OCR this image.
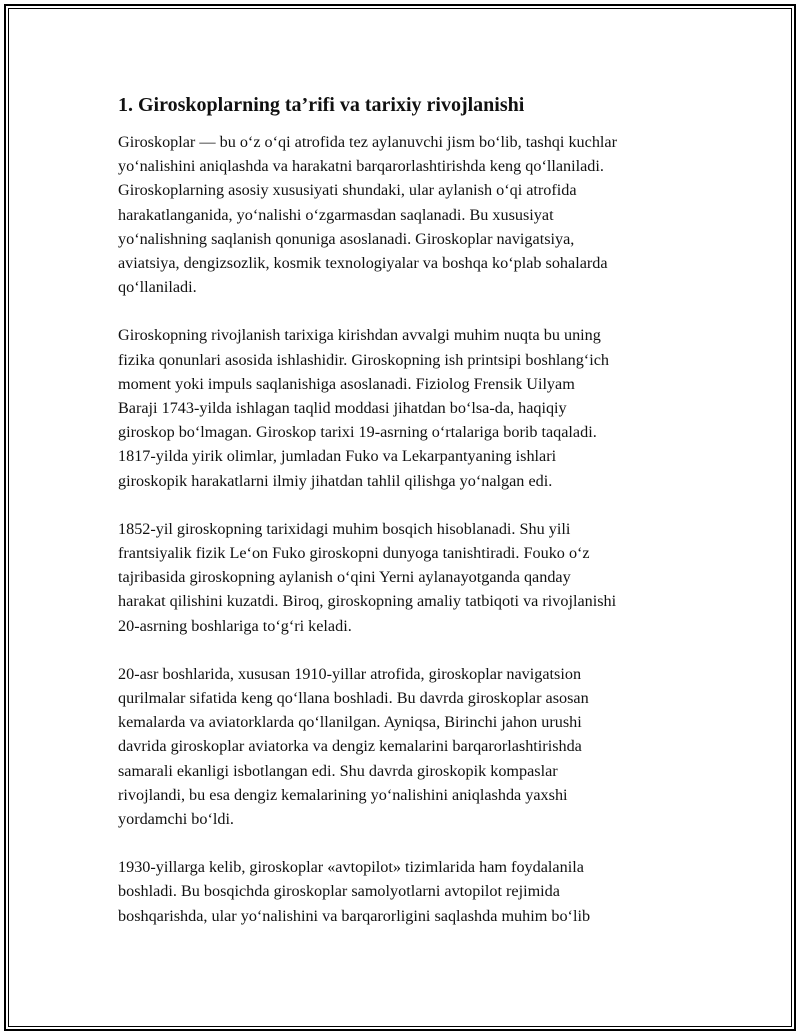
1. Giroskoplarning ta’rifi va tarixiy rivojlanishi
Giroskoplar — bu o‘z o‘qi atrofida tez aylanuvchi jism bo‘lib, tashqi kuchlar
yo‘nalishini aniqlashda va harakatni barqarorlashtirishda keng qo‘llaniladi.
Giroskoplarning asosiy xususiyati shundaki, ular aylanish o‘qi atrofida
harakatlanganida, yo‘nalishi o‘zgarmasdan saqlanadi. Bu xususiyat
yo‘nalishning saqlanish qonuniga asoslanadi. Giroskoplar navigatsiya,
aviatsiya, dengizsozlik, kosmik texnologiyalar va boshqa ko‘plab sohalarda
qo‘llaniladi.
Giroskopning rivojlanish tarixiga kirishdan avvalgi muhim nuqta bu uning
fizika qonunlari asosida ishlashidir. Giroskopning ish printsipi boshlang‘ich
moment yoki impuls saqlanishiga asoslanadi. Fiziolog Frensik Uilyam
Baraji 1743-yilda ishlagan taqlid moddasi jihatdan bo‘lsa-da, haqiqiy
giroskop bo‘lmagan. Giroskop tarixi 19-asrning o‘rtalariga borib taqaladi.
1817-yilda yirik olimlar, jumladan Fuko va Lekarpantyaning ishlari
giroskopik harakatlarni ilmiy jihatdan tahlil qilishga yo‘nalgan edi.
1852-yil giroskopning tarixidagi muhim bosqich hisoblanadi. Shu yili
frantsiyalik fizik Le‘on Fuko giroskopni dunyoga tanishtiradi. Fouko o‘z
tajribasida giroskopning aylanish o‘qini Yerni aylanayotganda qanday
harakat qilishini kuzatdi. Biroq, giroskopning amaliy tatbiqoti va rivojlanishi
20-asrning boshlariga to‘g‘ri keladi.
20-asr boshlarida, xususan 1910-yillar atrofida, giroskoplar navigatsion
qurilmalar sifatida keng qo‘llana boshladi. Bu davrda giroskoplar asosan
kemalarda va aviatorklarda qo‘llanilgan. Ayniqsa, Birinchi jahon urushi
davrida giroskoplar aviatorka va dengiz kemalarini barqarorlashtirishda
samarali ekanligi isbotlangan edi. Shu davrda giroskopik kompaslar
rivojlandi, bu esa dengiz kemalarining yo‘nalishini aniqlashda yaxshi
yordamchi bo‘ldi.
1930-yillarga kelib, giroskoplar «avtopilot» tizimlarida ham foydalanila
boshladi. Bu bosqichda giroskoplar samolyotlarni avtopilot rejimida
boshqarishda, ular yo‘nalishini va barqarorligini saqlashda muhim bo‘lib
